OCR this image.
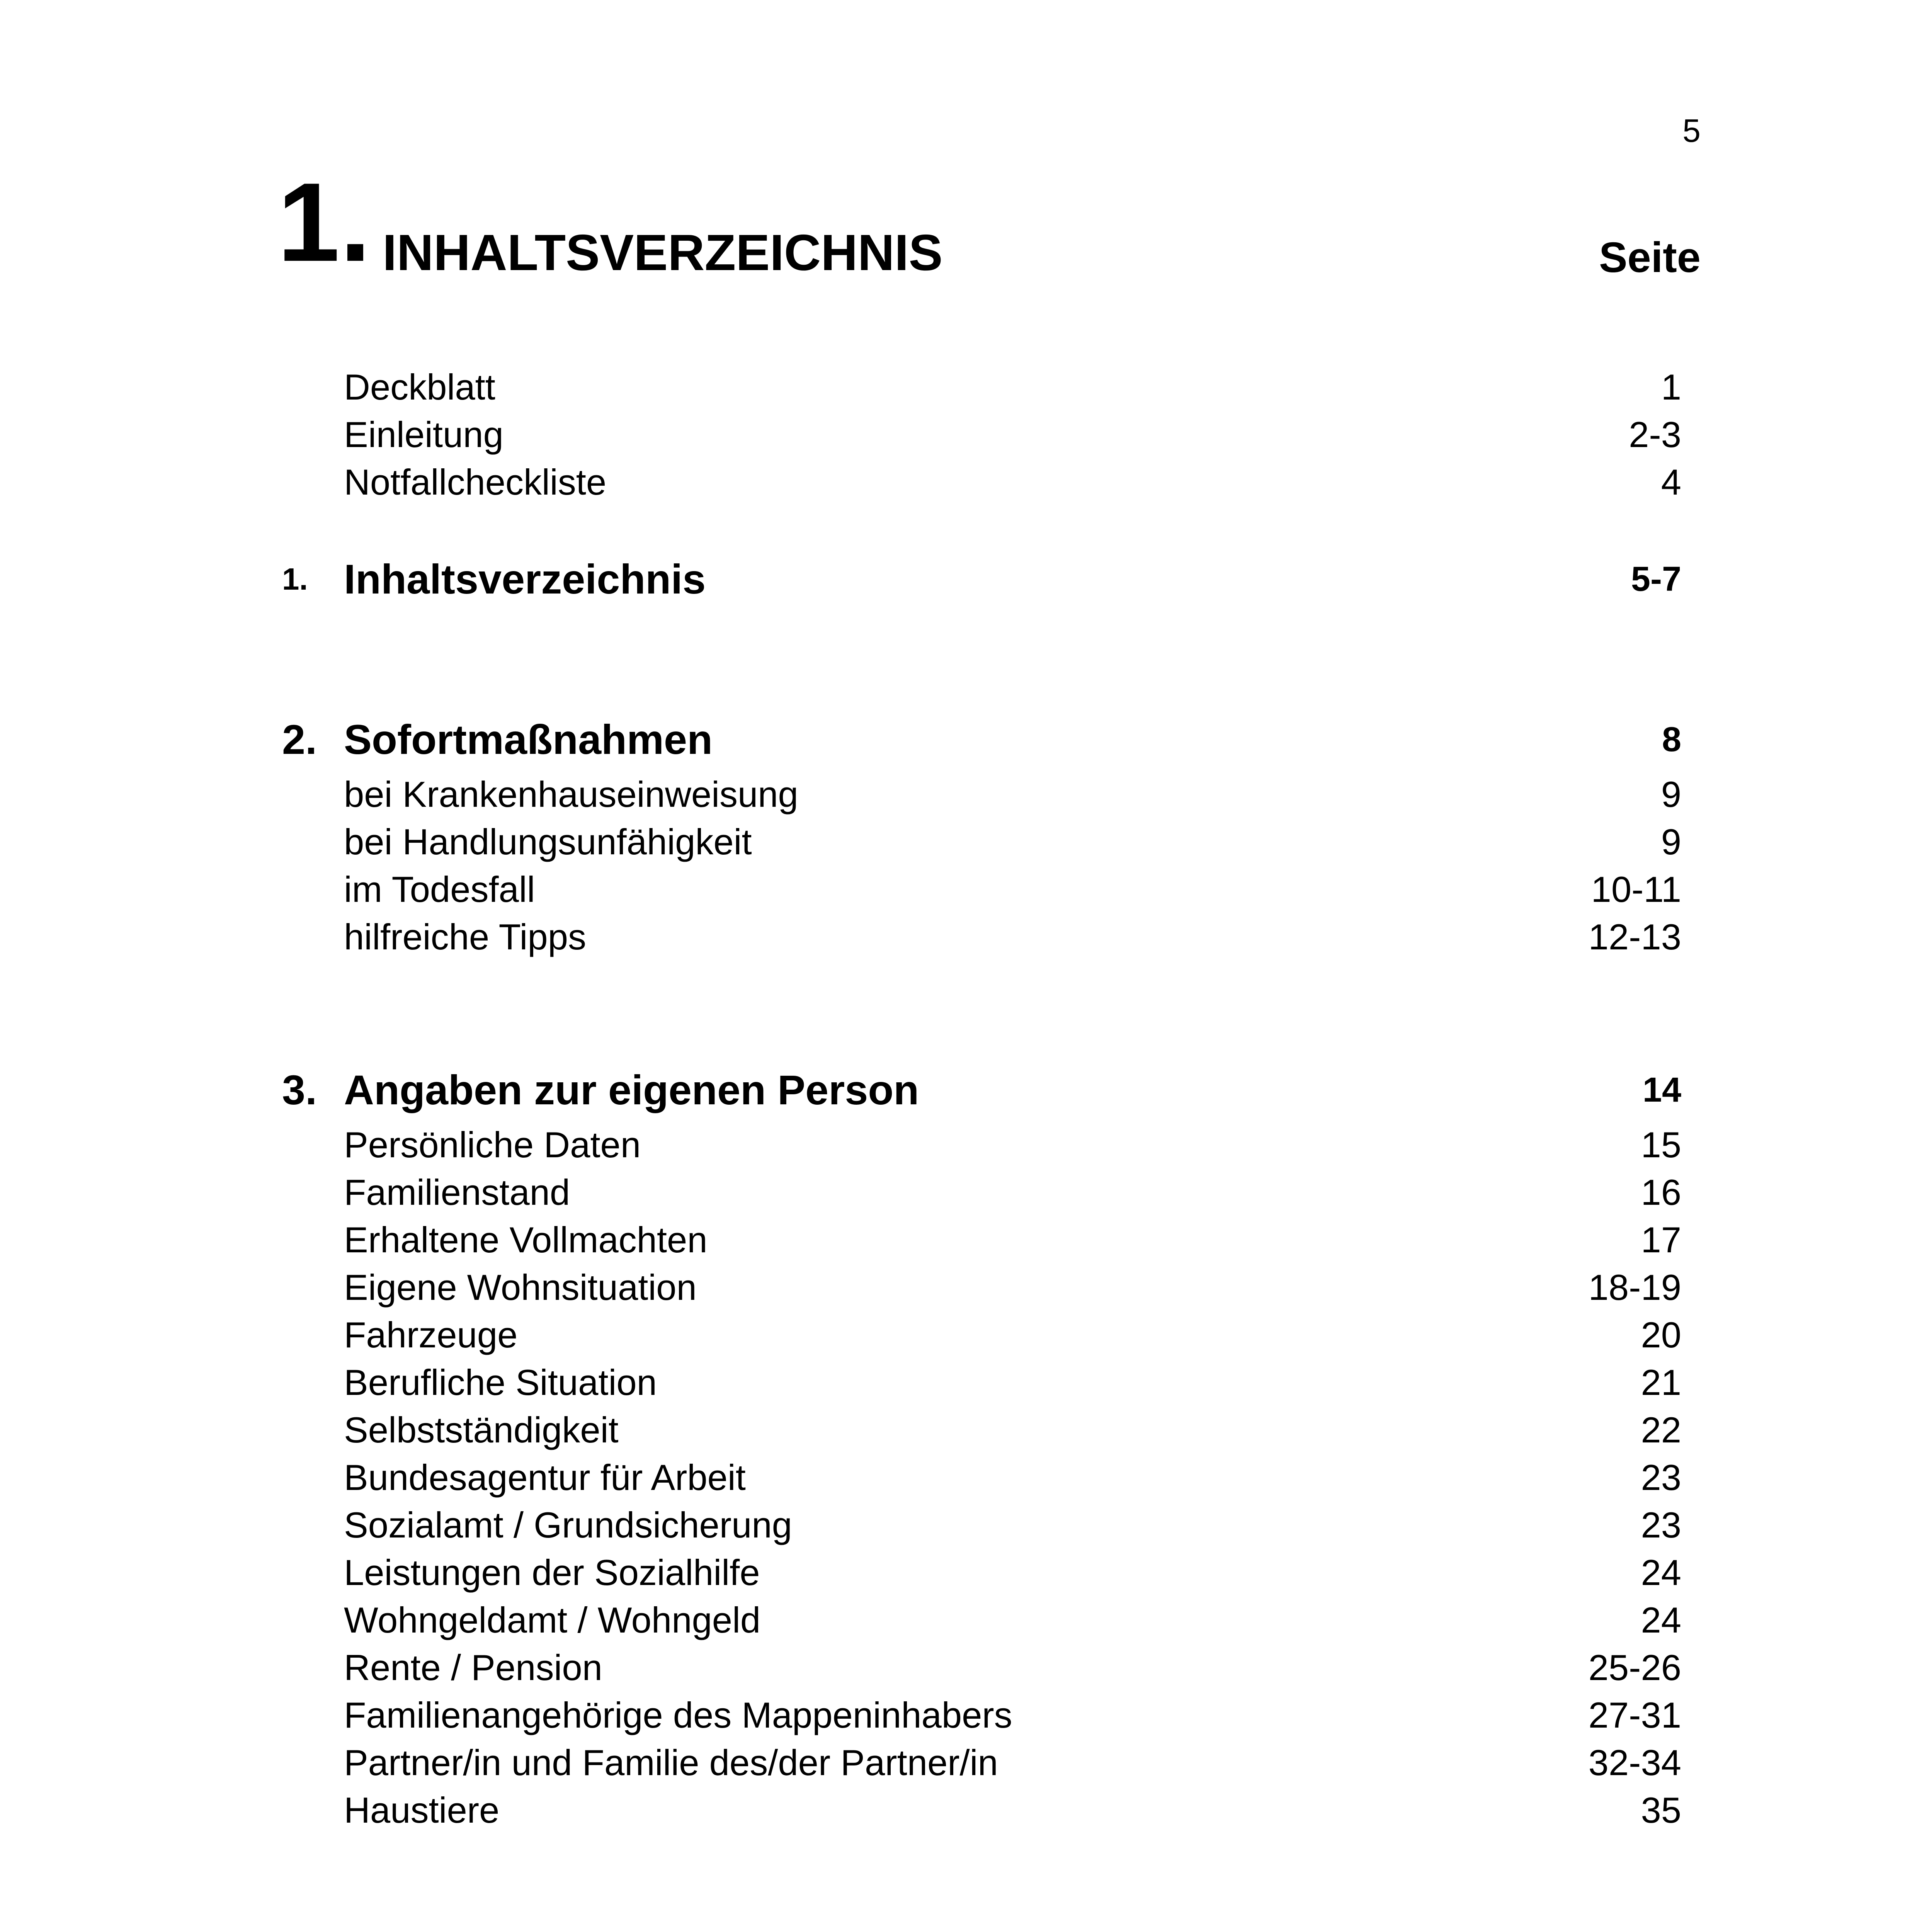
5
1. INHALTSVERZEICHNIS	Seite
Deckblatt	1
Einleitung	2-3
Notfallcheckliste	4
1. Inhaltsverzeichnis	5-7
2. Sofortmaßnahmen	8
bei Krankenhauseinweisung	9
bei Handlungsunfähigkeit	9
im Todesfall	10-11
hilfreiche Tipps	12-13
3. Angaben zur eigenen Person	14
Persönliche Daten	15
Familienstand	16
Erhaltene Vollmachten	17
Eigene Wohnsituation	18-19
Fahrzeuge	20
Berufliche Situation	21
Selbstständigkeit	22
Bundesagentur für Arbeit	23
Sozialamt / Grundsicherung	23
Leistungen der Sozialhilfe	24
Wohngeldamt / Wohngeld	24
Rente / Pension	25-26
Familienangehörige des Mappeninhabers	27-31
Partner/in und Familie des/der Partner/in	32-34
Haustiere	35
